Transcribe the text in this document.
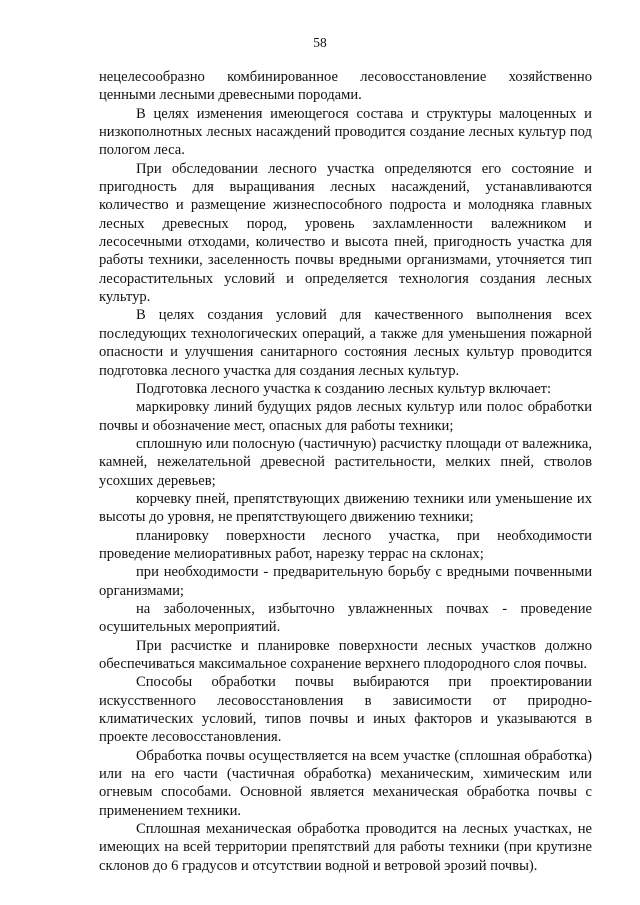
58

нецелесообразно комбинированное лесовосстановление хозяйственно ценными лесными древесными породами.

В целях изменения имеющегося состава и структуры малоценных и низкополнотных лесных насаждений проводится создание лесных культур под пологом леса.

При обследовании лесного участка определяются его состояние и пригодность для выращивания лесных насаждений, устанавливаются количество и размещение жизнеспособного подроста и молодняка главных лесных древесных пород, уровень захламленности валежником и лесосечными отходами, количество и высота пней, пригодность участка для работы техники, заселенность почвы вредными организмами, уточняется тип лесорастительных условий и определяется технология создания лесных культур.

В целях создания условий для качественного выполнения всех последующих технологических операций, а также для уменьшения пожарной опасности и улучшения санитарного состояния лесных культур проводится подготовка лесного участка для создания лесных культур.

Подготовка лесного участка к созданию лесных культур включает:

маркировку линий будущих рядов лесных культур или полос обработки почвы и обозначение мест, опасных для работы техники;

сплошную или полосную (частичную) расчистку площади от валежника, камней, нежелательной древесной растительности, мелких пней, стволов усохших деревьев;

корчевку пней, препятствующих движению техники или уменьшение их высоты до уровня, не препятствующего движению техники;

планировку поверхности лесного участка, при необходимости проведение мелиоративных работ, нарезку террас на склонах;

при необходимости - предварительную борьбу с вредными почвенными организмами;

на заболоченных, избыточно увлажненных почвах - проведение осушительных мероприятий.

При расчистке и планировке поверхности лесных участков должно обеспечиваться максимальное сохранение верхнего плодородного слоя почвы.

Способы обработки почвы выбираются при проектировании искусственного лесовосстановления в зависимости от природно-климатических условий, типов почвы и иных факторов и указываются в проекте лесовосстановления.

Обработка почвы осуществляется на всем участке (сплошная обработка) или на его части (частичная обработка) механическим, химическим или огневым способами. Основной является механическая обработка почвы с применением техники.

Сплошная механическая обработка проводится на лесных участках, не имеющих на всей территории препятствий для работы техники (при крутизне склонов до 6 градусов и отсутствии водной и ветровой эрозий почвы).
